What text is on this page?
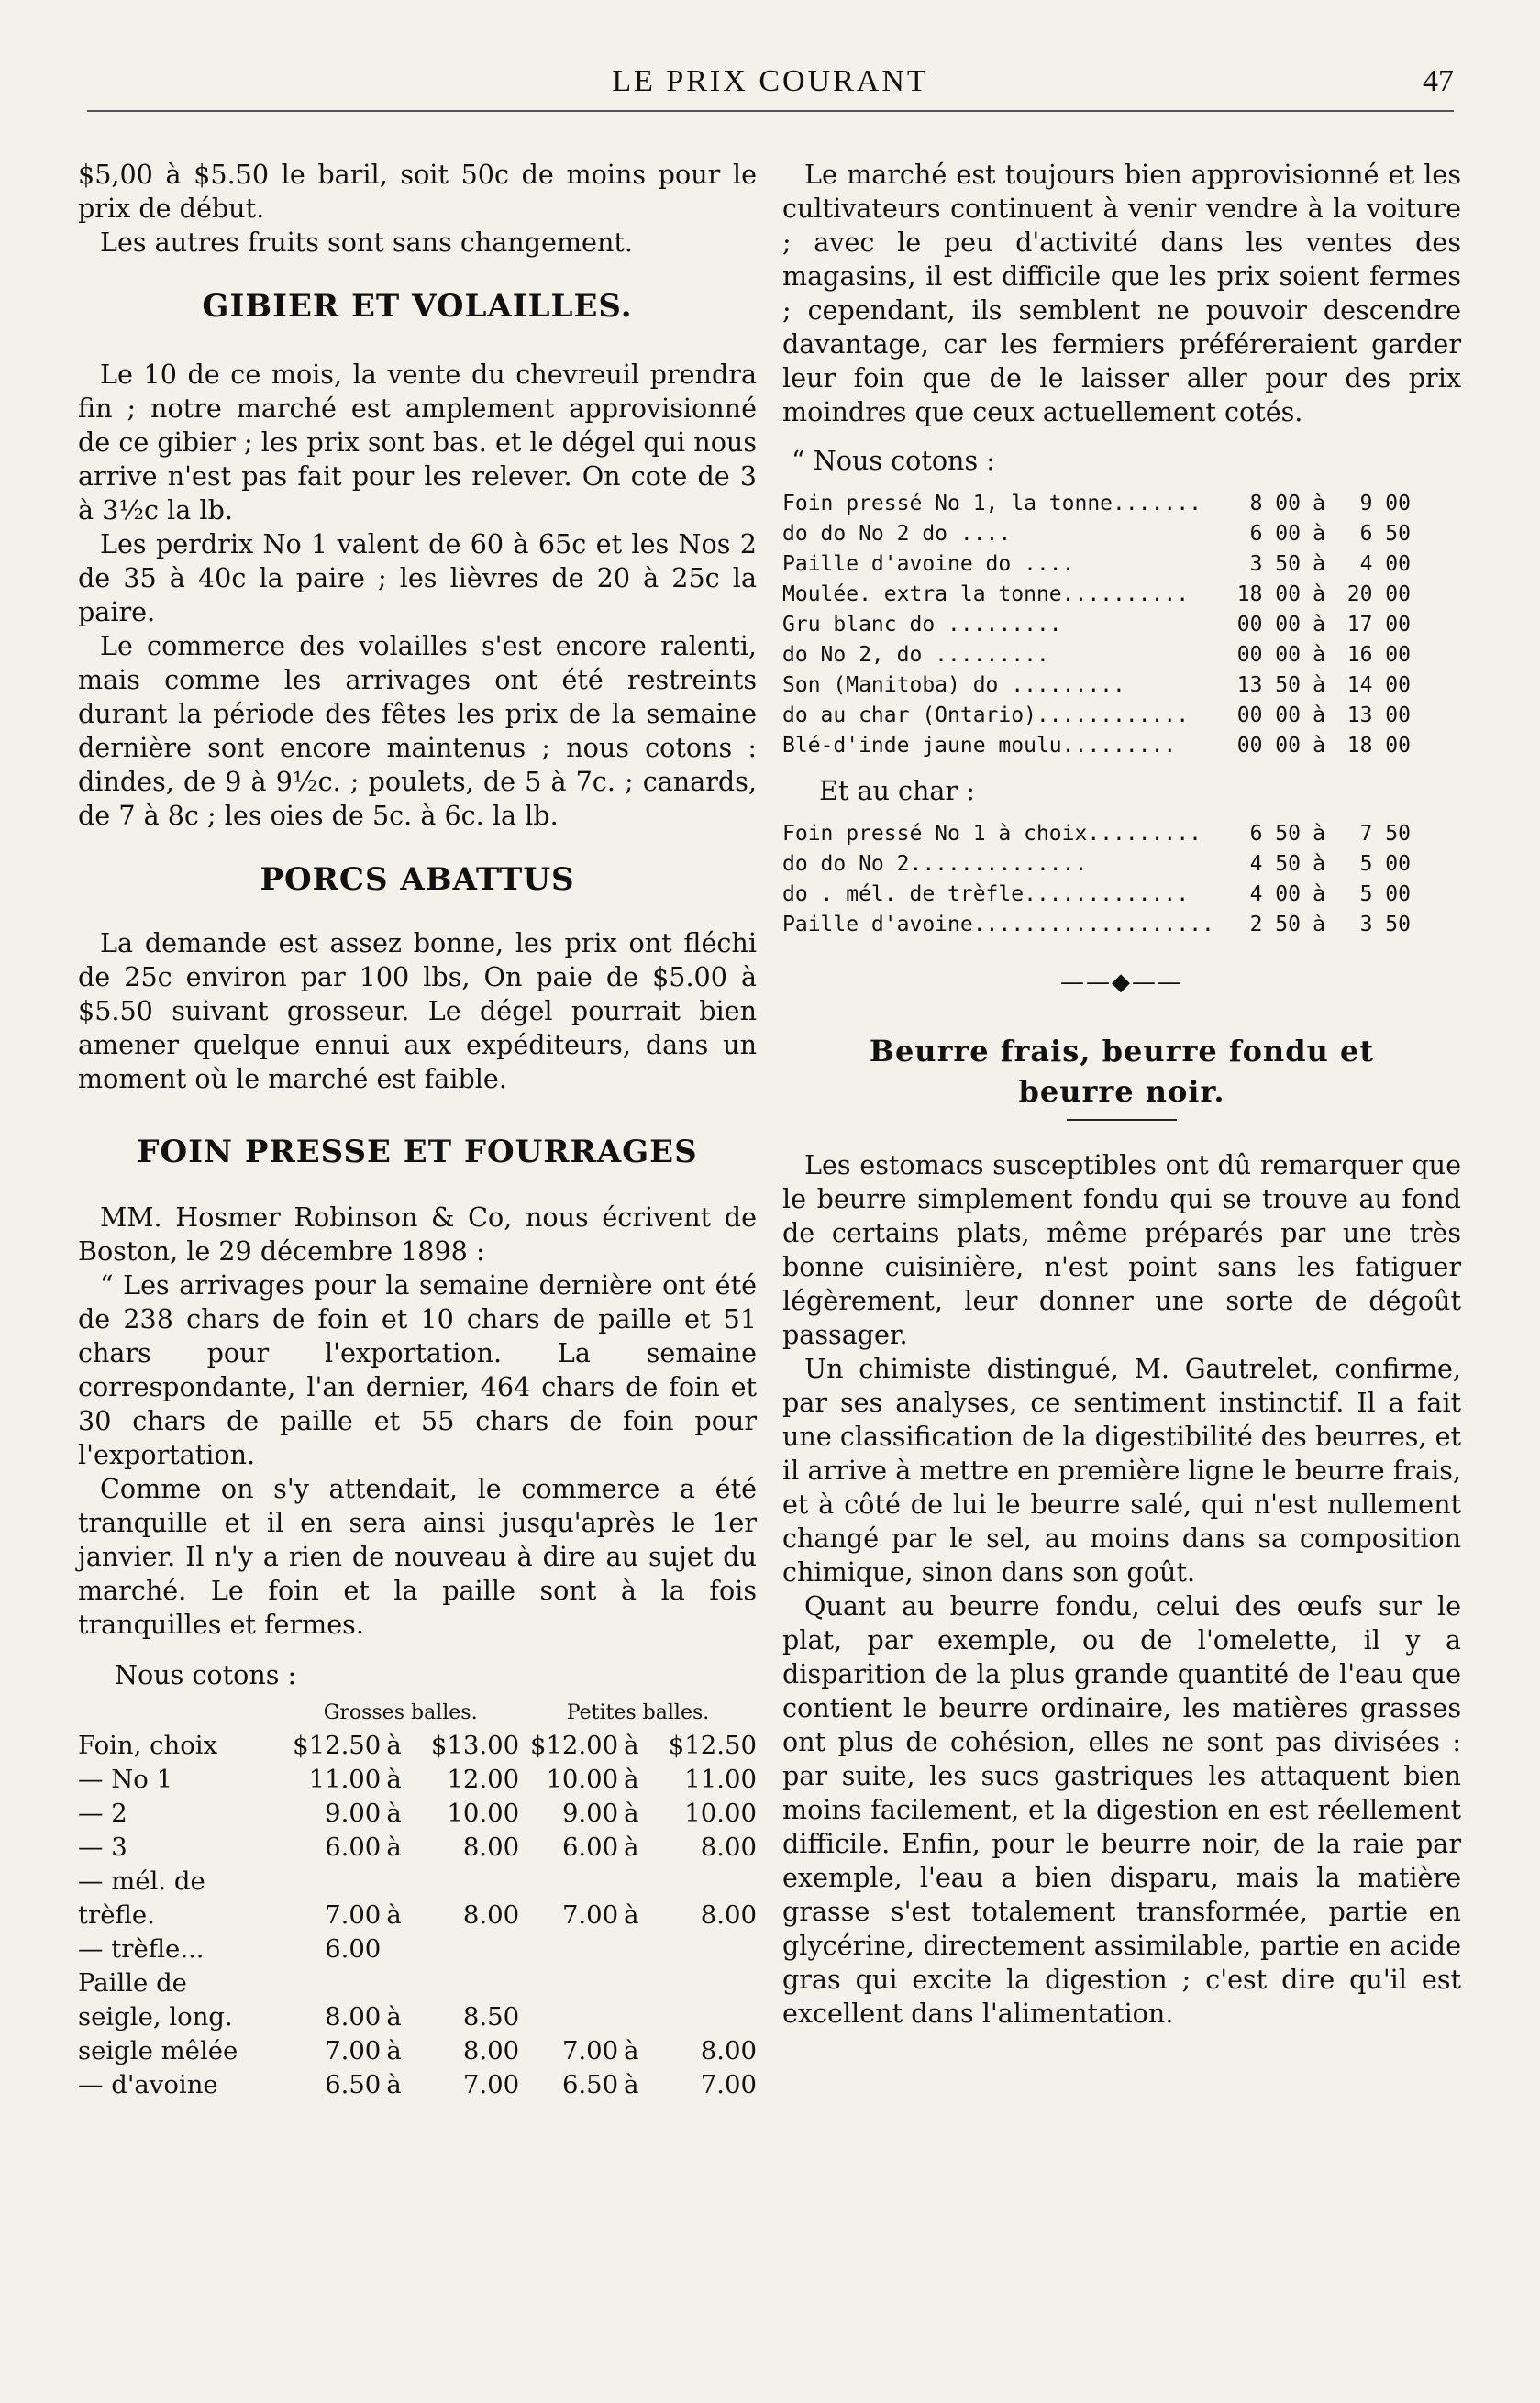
LE PRIX COURANT	47

$5,00 à $5.50 le baril, soit 50c de moins pour le prix de début.

Les autres fruits sont sans changement.

GIBIER ET VOLAILLES.

Le 10 de ce mois, la vente du chevreuil prendra fin ; notre marché est amplement approvisionné de ce gibier ; les prix sont bas. et le dégel qui nous arrive n'est pas fait pour les relever. On cote de 3 à 3½c la lb.

Les perdrix No 1 valent de 60 à 65c et les Nos 2 de 35 à 40c la paire ; les lièvres de 20 à 25c la paire.

Le commerce des volailles s'est encore ralenti, mais comme les arrivages ont été restreints durant la période des fêtes les prix de la semaine dernière sont encore maintenus ; nous cotons : dindes, de 9 à 9½c. ; poulets, de 5 à 7c. ; canards, de 7 à 8c ; les oies de 5c. à 6c. la lb.

PORCS ABATTUS

La demande est assez bonne, les prix ont fléchi de 25c environ par 100 lbs, On paie de $5.00 à $5.50 suivant grosseur. Le dégel pourrait bien amener quelque ennui aux expéditeurs, dans un moment où le marché est faible.

FOIN PRESSE ET FOURRAGES

MM. Hosmer Robinson & Co, nous écrivent de Boston, le 29 décembre 1898 :

“ Les arrivages pour la semaine dernière ont été de 238 chars de foin et 10 chars de paille et 51 chars pour l'exportation. La semaine correspondante, l'an dernier, 464 chars de foin et 30 chars de paille et 55 chars de foin pour l'exportation.

Comme on s'y attendait, le commerce a été tranquille et il en sera ainsi jusqu'après le 1er janvier. Il n'y a rien de nouveau à dire au sujet du marché. Le foin et la paille sont à la fois tranquilles et fermes.

Nous cotons :

	Grosses balles.			Petites balles.		
Foin, choix	$12.50	à	$13.00	$12.00	à	$12.50
— No 1	11.00	à	12.00	10.00	à	11.00
— 2	9.00	à	10.00	9.00	à	10.00
— 3	6.00	à	8.00	6.00	à	8.00
— mél. de						
trèfle.	7.00	à	8.00	7.00	à	8.00
— trèfle...	6.00					
Paille de						
seigle, long.	8.00	à	8.50			
seigle mêlée	7.00	à	8.00	7.00	à	8.00
— d'avoine	6.50	à	7.00	6.50	à	7.00

Le marché est toujours bien approvisionné et les cultivateurs continuent à venir vendre à la voiture ; avec le peu d'activité dans les ventes des magasins, il est difficile que les prix soient fermes ; cependant, ils semblent ne pouvoir descendre davantage, car les fermiers préféreraient garder leur foin que de le laisser aller pour des prix moindres que ceux actuellement cotés.

“ Nous cotons :

Foin pressé No 1, la tonne.......	8 00	à	9 00
do do No 2 do ....	6 00	à	6 50
Paille d'avoine do ....	3 50	à	4 00
Moulée. extra la tonne..........	18 00	à	20 00
Gru blanc do .........	00 00	à	17 00
do No 2, do .........	00 00	à	16 00
Son (Manitoba) do .........	13 50	à	14 00
do au char (Ontario)............	00 00	à	13 00
Blé-d'inde jaune moulu.........	00 00	à	18 00

Et au char :

Foin pressé No 1 à choix.........	6 50	à	7 50
do do No 2..............	4 50	à	5 00
do . mél. de trèfle.............	4 00	à	5 00
Paille d'avoine...................	2 50	à	3 50
——◆——
Beurre frais, beurre fondu et
beurre noir.

Les estomacs susceptibles ont dû remarquer que le beurre simplement fondu qui se trouve au fond de certains plats, même préparés par une très bonne cuisinière, n'est point sans les fatiguer légèrement, leur donner une sorte de dégoût passager.

Un chimiste distingué, M. Gautrelet, confirme, par ses analyses, ce sentiment instinctif. Il a fait une classification de la digestibilité des beurres, et il arrive à mettre en première ligne le beurre frais, et à côté de lui le beurre salé, qui n'est nullement changé par le sel, au moins dans sa composition chimique, sinon dans son goût.

Quant au beurre fondu, celui des œufs sur le plat, par exemple, ou de l'omelette, il y a disparition de la plus grande quantité de l'eau que contient le beurre ordinaire, les matières grasses ont plus de cohésion, elles ne sont pas divisées : par suite, les sucs gastriques les attaquent bien moins facilement, et la digestion en est réellement difficile. Enfin, pour le beurre noir, de la raie par exemple, l'eau a bien disparu, mais la matière grasse s'est totalement transformée, partie en glycérine, directement assimilable, partie en acide gras qui excite la digestion ; c'est dire qu'il est excellent dans l'alimentation.
